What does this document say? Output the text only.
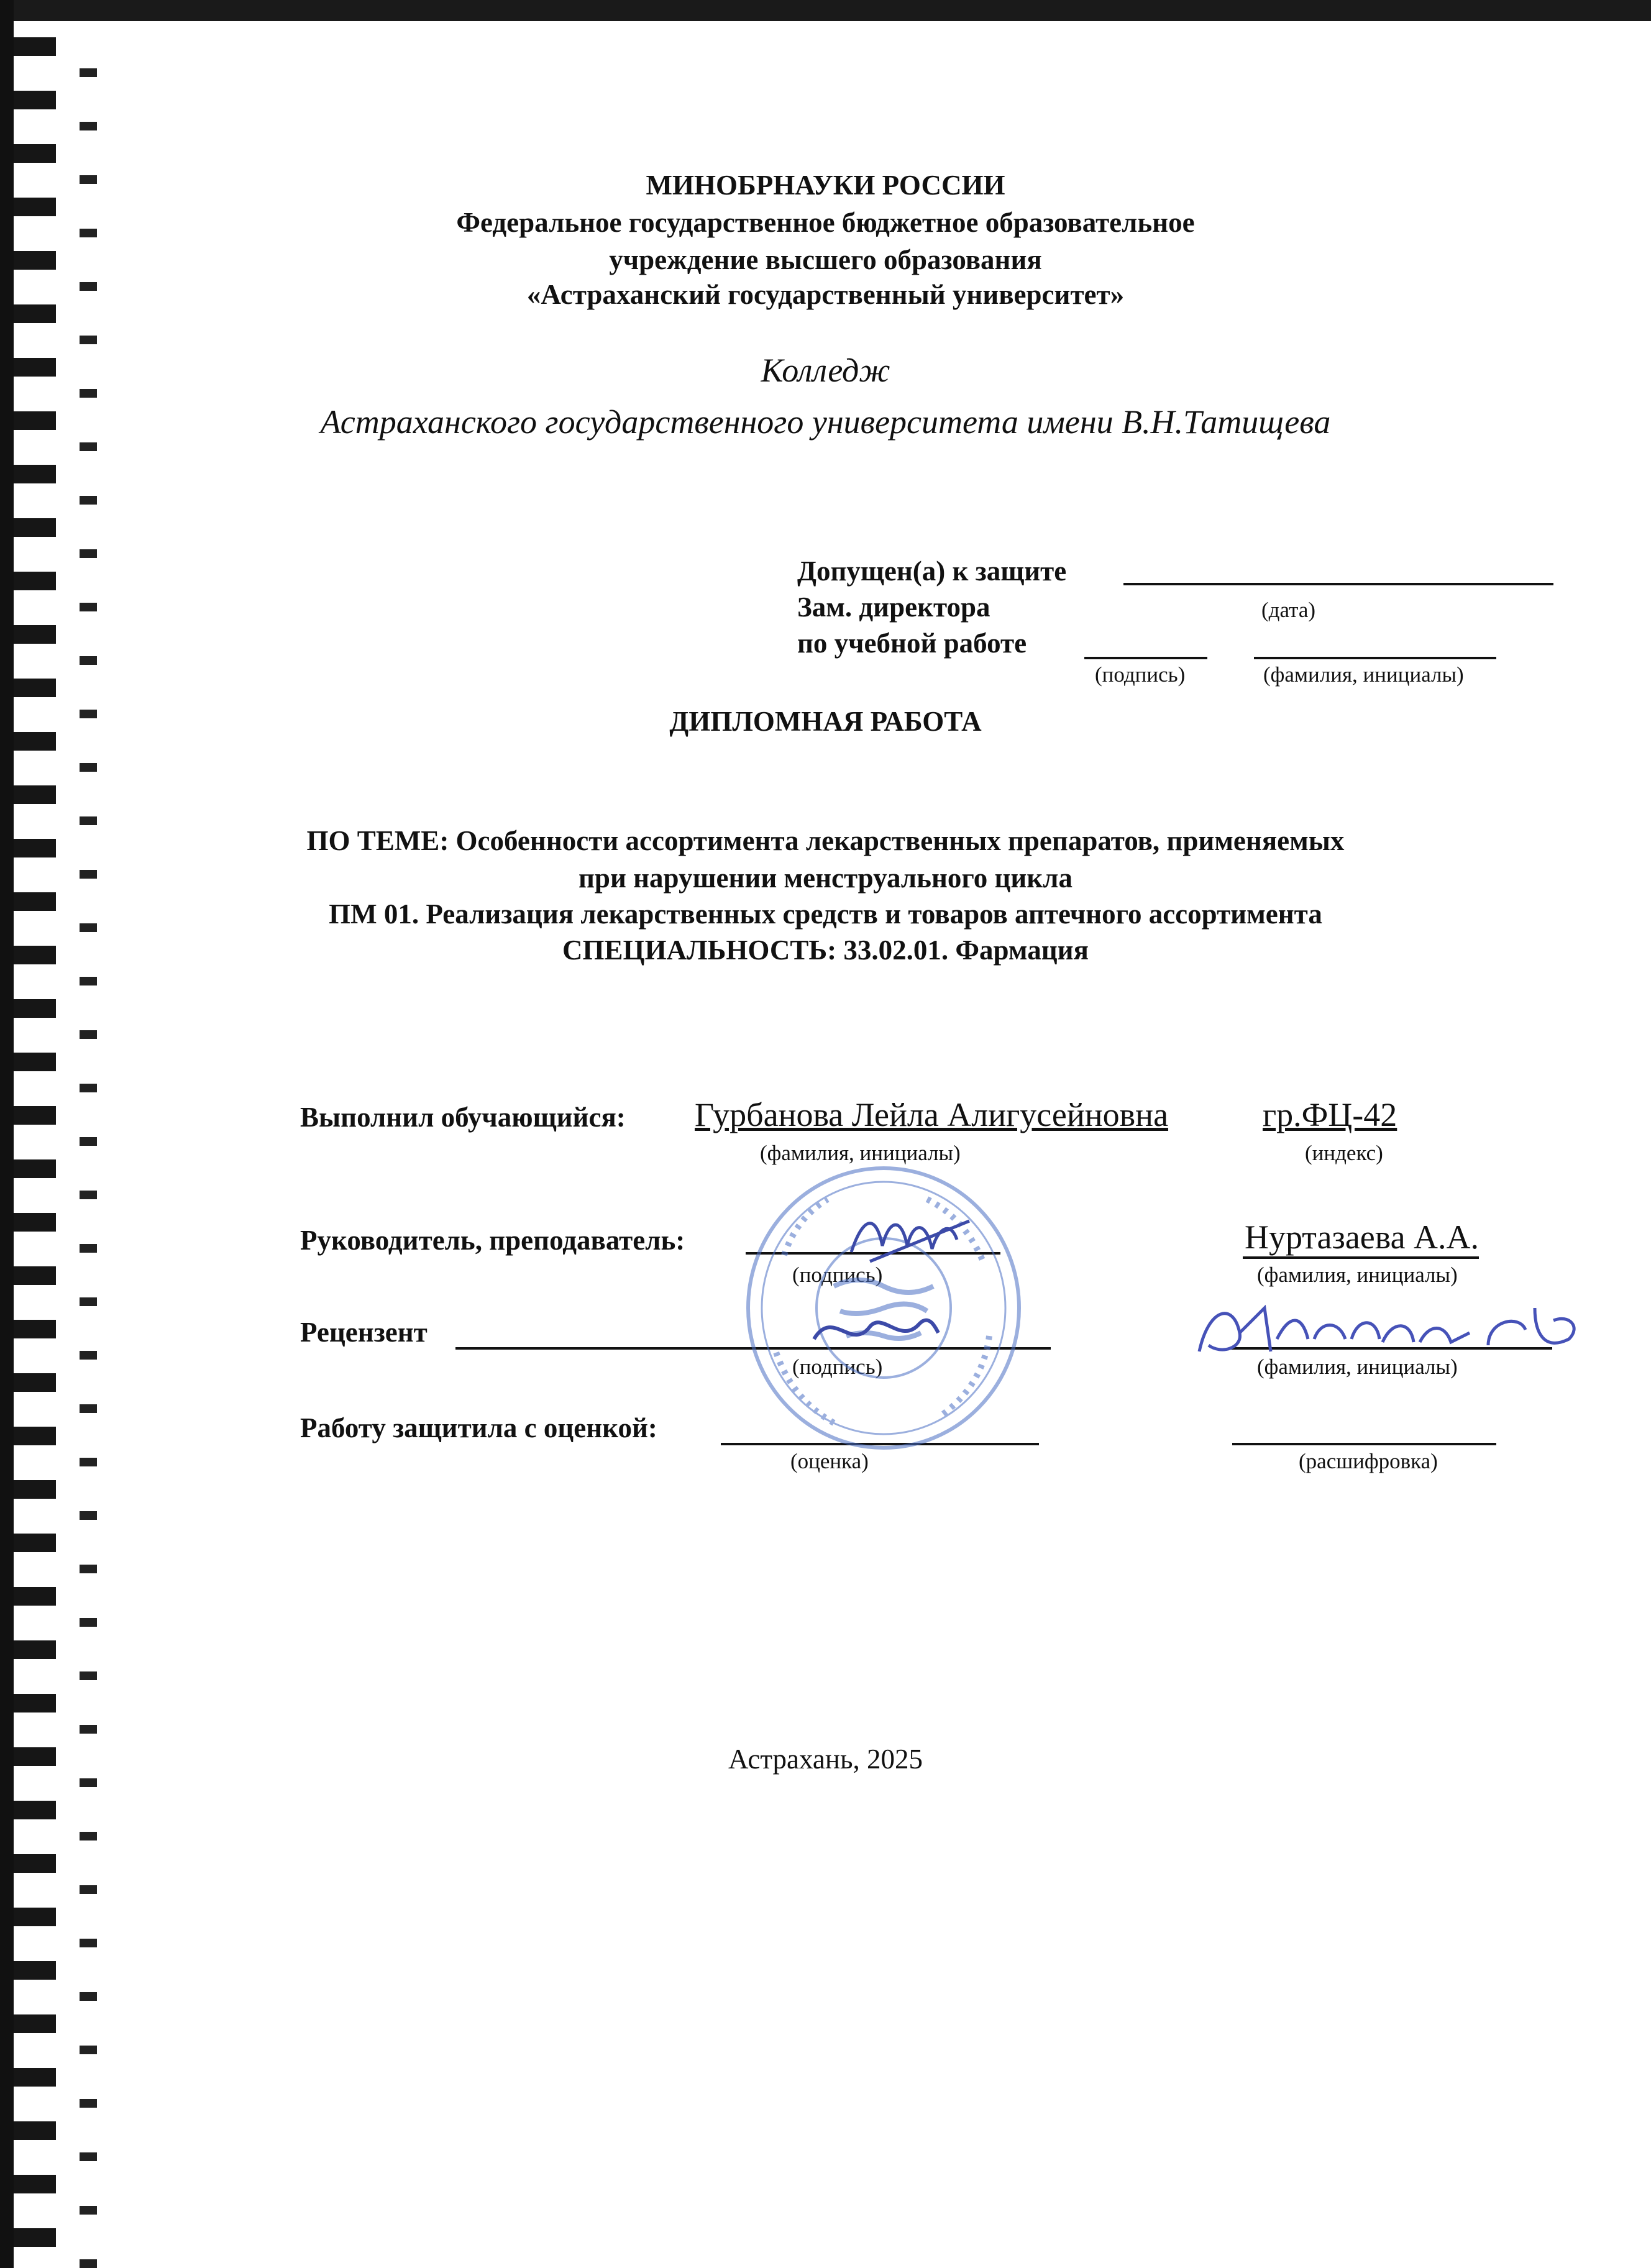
МИНОБРНАУКИ РОССИИ
Федеральное государственное бюджетное образовательное
учреждение высшего образования
«Астраханский государственный университет»
Колледж
Астраханского государственного университета имени В.Н.Татищева
Допущен(а) к защите
Зам. директора	(дата)
по учебной работе
(подпись)	(фамилия, инициалы)
ДИПЛОМНАЯ РАБОТА
ПО ТЕМЕ: Особенности ассортимента лекарственных препаратов, применяемых
при нарушении менструального цикла
ПМ 01. Реализация лекарственных средств и товаров аптечного ассортимента
СПЕЦИАЛЬНОСТЬ: 33.02.01. Фармация
Выполнил обучающийся: Гурбанова Лейла Алигусейновна	гр.ФЦ-42
(фамилия, инициалы)	(индекс)
Руководитель, преподаватель:
(подпись)
Нуртазаева А.А.
(фамилия, инициалы)
Рецензент
(подпись)	(фамилия, инициалы)
Работу защитила с оценкой:
(оценка)	(расшифровка)
Астрахань, 2025
